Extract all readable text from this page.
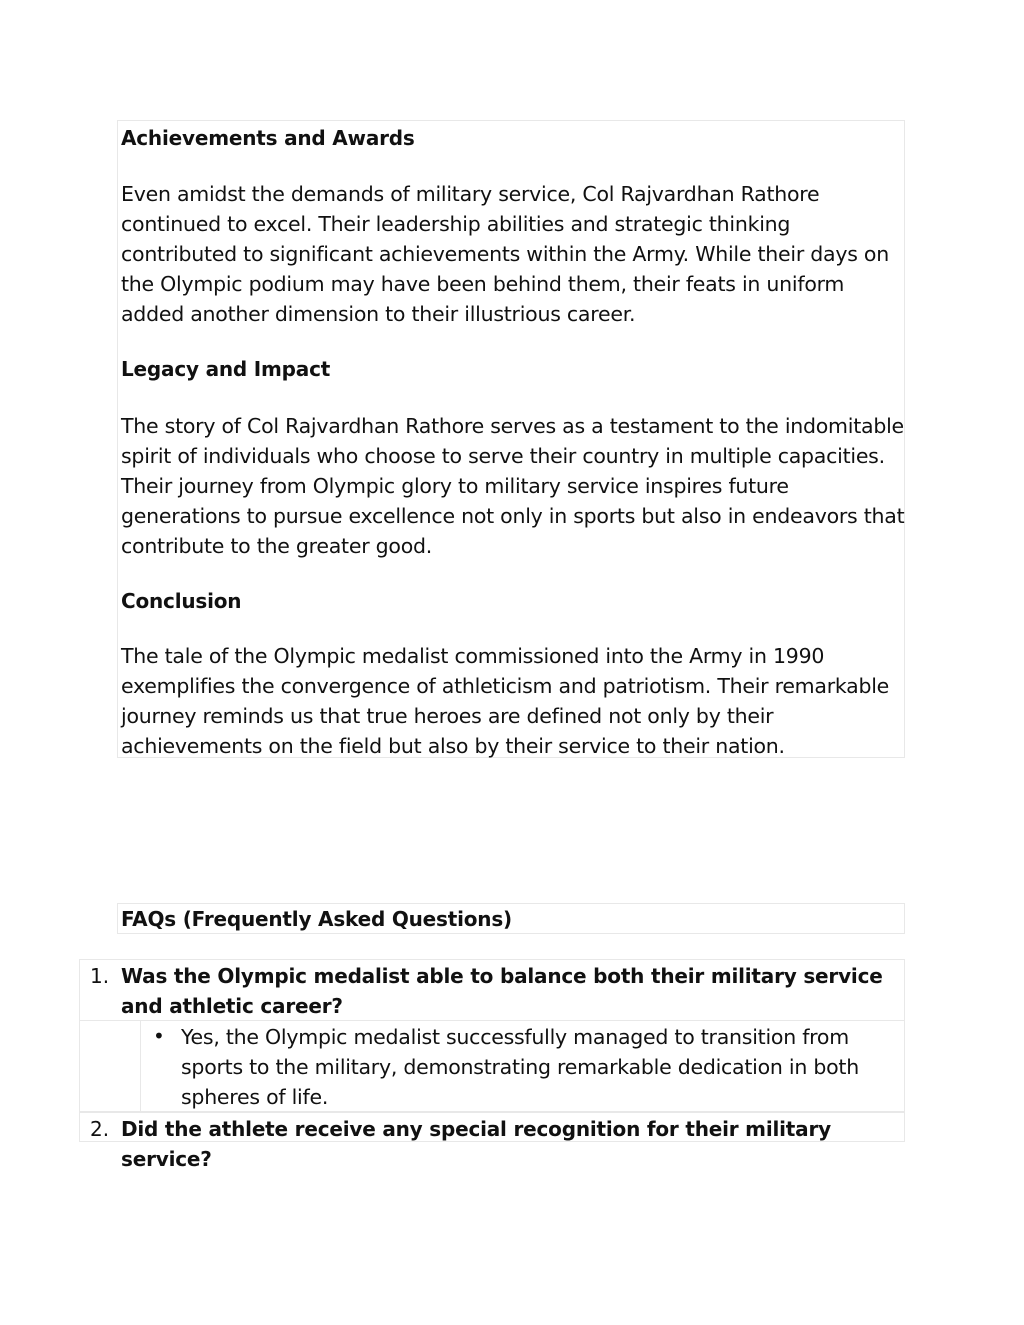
Achievements and Awards

Even amidst the demands of military service, Col Rajvardhan Rathore continued to excel. Their leadership abilities and strategic thinking contributed to significant achievements within the Army. While their days on the Olympic podium may have been behind them, their feats in uniform added another dimension to their illustrious career.

Legacy and Impact

The story of Col Rajvardhan Rathore serves as a testament to the indomitable spirit of individuals who choose to serve their country in multiple capacities. Their journey from Olympic glory to military service inspires future generations to pursue excellence not only in sports but also in endeavors that contribute to the greater good.

Conclusion

The tale of the Olympic medalist commissioned into the Army in 1990 exemplifies the convergence of athleticism and patriotism. Their remarkable journey reminds us that true heroes are defined not only by their achievements on the field but also by their service to their nation.

FAQs (Frequently Asked Questions)
1. Was the Olympic medalist able to balance both their military service and athletic career?
• Yes, the Olympic medalist successfully managed to transition from sports to the military, demonstrating remarkable dedication in both spheres of life.
2. Did the athlete receive any special recognition for their military service?
